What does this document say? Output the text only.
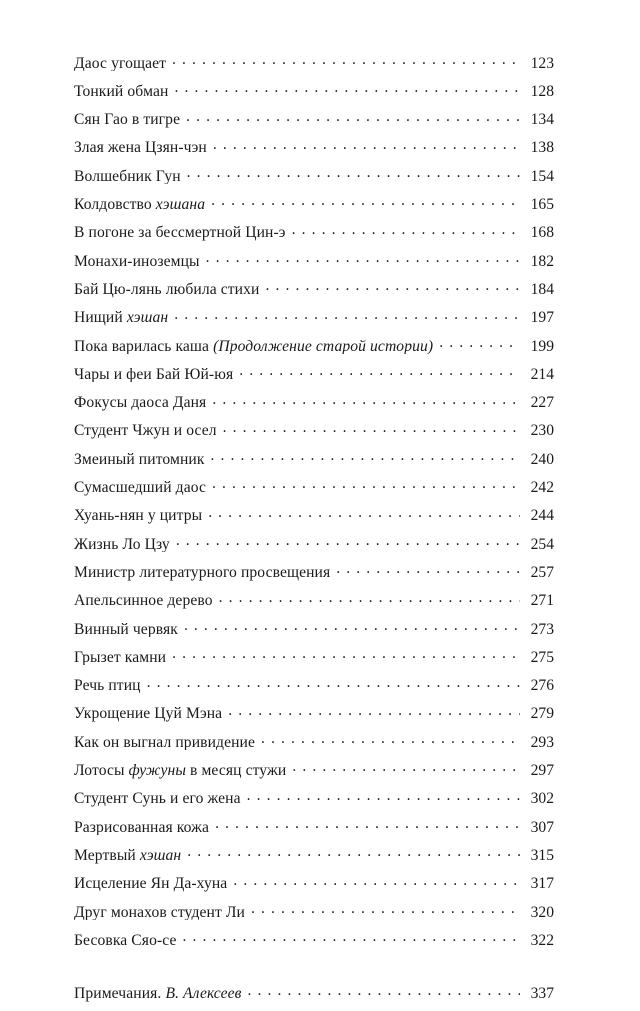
Даос угощает . . .	123
Тонкий обман . . .	128
Сян Гао в тигре . . .	134
Злая жена Цзян-чэн . . .	138
Волшебник Гун . . .	154
Колдовство хэшана . . .	165
В погоне за бессмертной Цин-э . . .	168
Монахи-иноземцы . . .	182
Бай Цю-лянь любила стихи . . .	184
Нищий хэшан . . .	197
Пока варилась каша (Продолжение старой истории) . . .	199
Чары и феи Бай Юй-юя . . .	214
Фокусы даоса Даня . . .	227
Студент Чжун и осел . . .	230
Змеиный питомник . . .	240
Сумасшедший даос . . .	242
Хуань-нян у цитры . . .	244
Жизнь Ло Цзу . . .	254
Министр литературного просвещения . . .	257
Апельсинное дерево . . .	271
Винный червяк . . .	273
Грызет камни . . .	275
Речь птиц . . .	276
Укрощение Цуй Мэна . . .	279
Как он выгнал привидение . . .	293
Лотосы фужуны в месяц стужи . . .	297
Студент Сунь и его жена . . .	302
Разрисованная кожа . . .	307
Мертвый хэшан . . .	315
Исцеление Ян Да-хуна . . .	317
Друг монахов студент Ли . . .	320
Бесовка Сяо-се . . .	322
Примечания. В. Алексеев . . .	337
